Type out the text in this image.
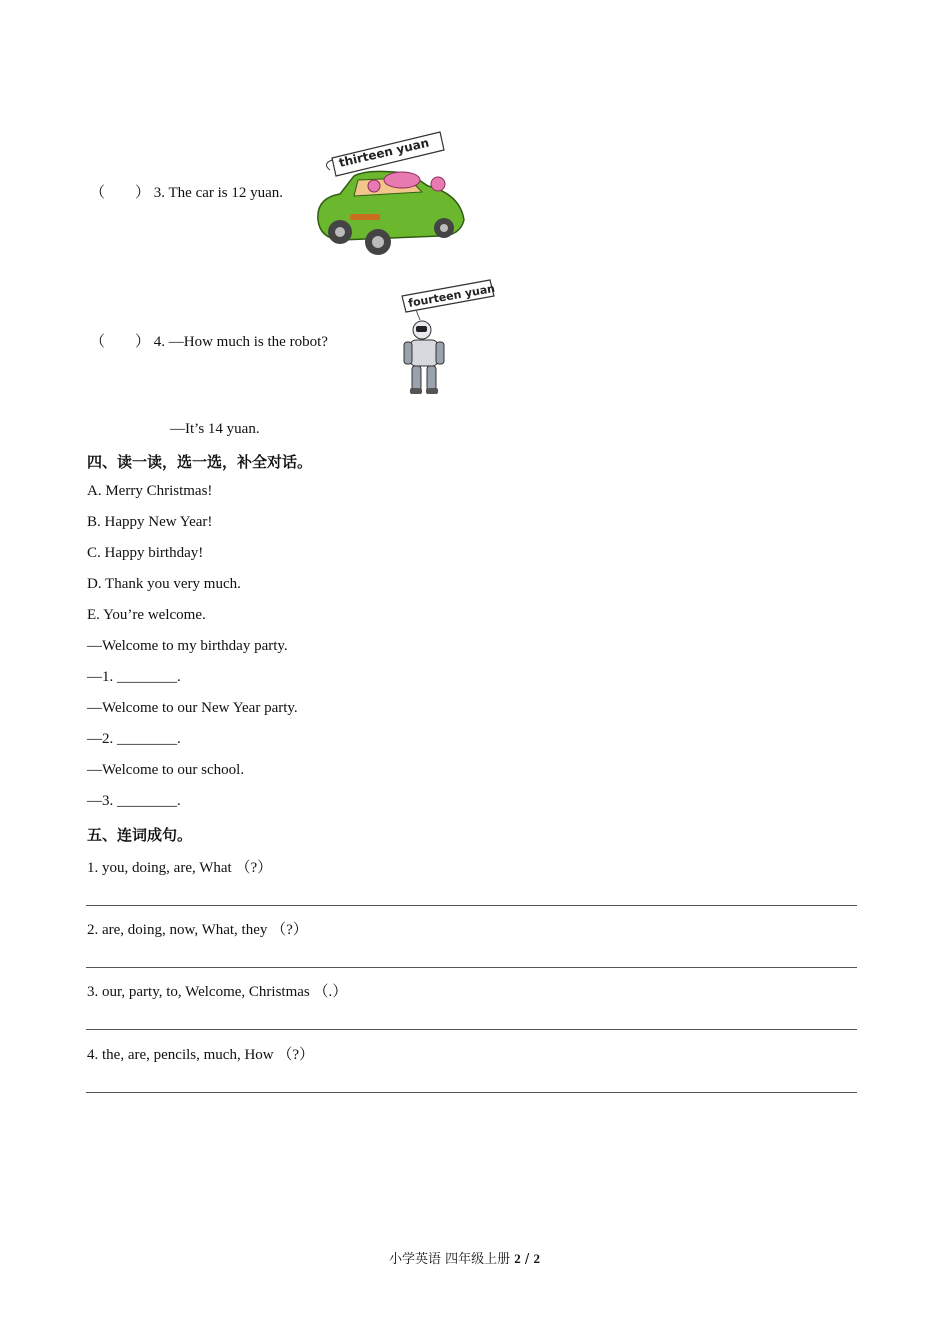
（　　） 3. The car is 12 yuan.
thirteen yuan
（　　） 4. —How much is the robot?
fourteen yuan
—It’s 14 yuan.
四、读一读，选一选，补全对话。
A. Merry Christmas!
B. Happy New Year!
C. Happy birthday!
D. Thank you very much.
E. You’re welcome.
—Welcome to my birthday party.
—1. ________.
—Welcome to our New Year party.
—2. ________.
—Welcome to our school.
—3. ________.
五、连词成句。
1. you, doing, are, What （?）
2. are, doing, now, What, they （?）
3. our, party, to, Welcome, Christmas （.）
4. the, are, pencils, much, How （?）
小学英语 四年级上册 2 / 2
